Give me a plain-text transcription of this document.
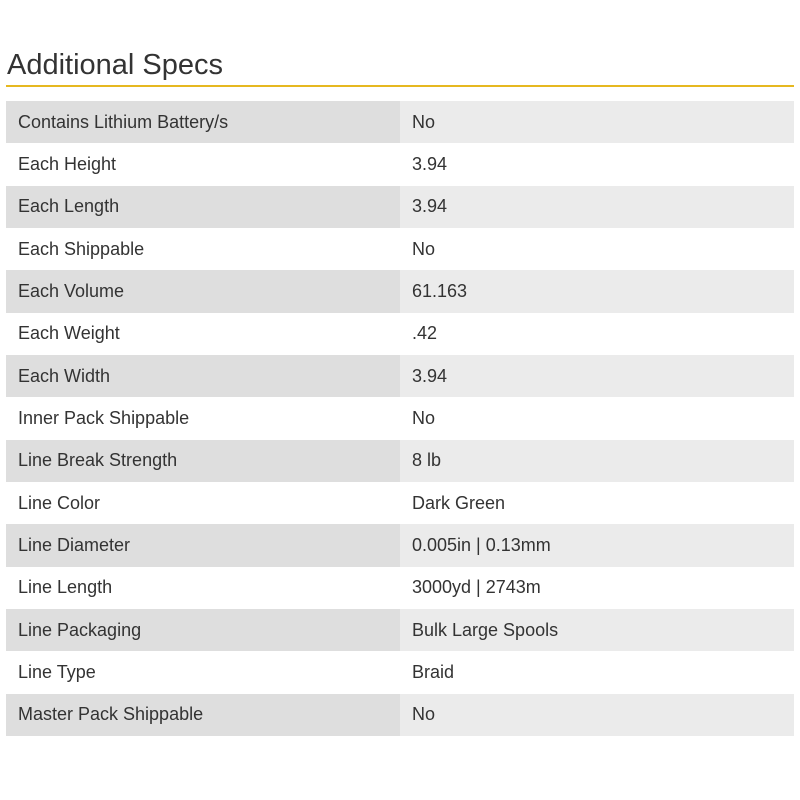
Additional Specs
Contains Lithium Battery/s	No
Each Height	3.94
Each Length	3.94
Each Shippable	No
Each Volume	61.163
Each Weight	.42
Each Width	3.94
Inner Pack Shippable	No
Line Break Strength	8 lb
Line Color	Dark Green
Line Diameter	0.005in | 0.13mm
Line Length	3000yd | 2743m
Line Packaging	Bulk Large Spools
Line Type	Braid
Master Pack Shippable	No
